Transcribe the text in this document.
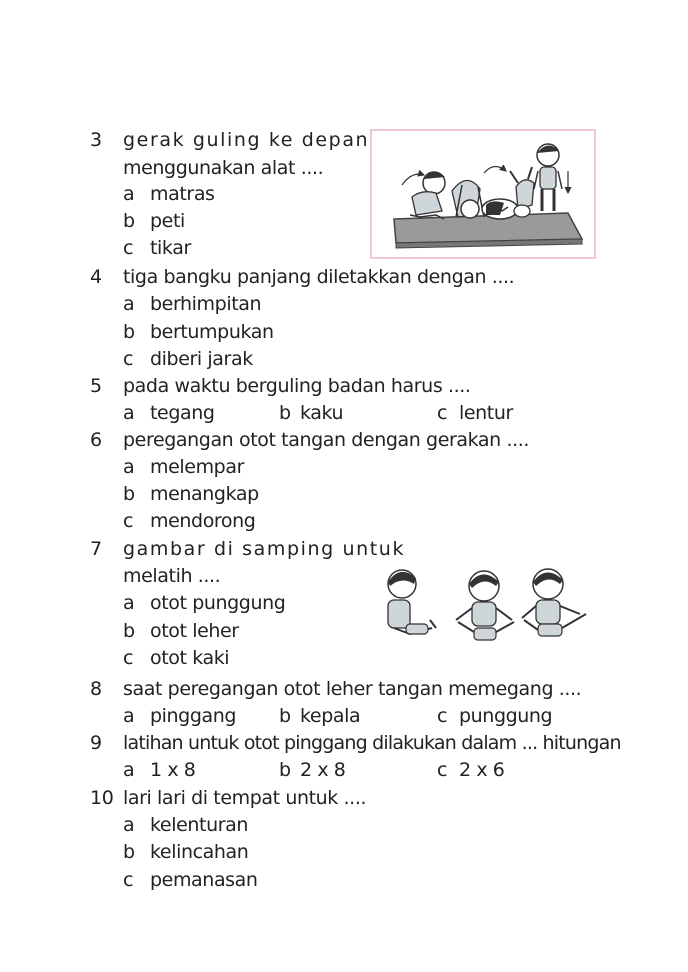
3 gerak guling ke depan
menggunakan alat ....
a matras
b peti
c tikar
4 tiga bangku panjang diletakkan dengan ....
a berhimpitan
b bertumpukan
c diberi jarak
5 pada waktu berguling badan harus ....
a tegang	b kaku	c lentur
6 peregangan otot tangan dengan gerakan ....
a melempar
b menangkap
c mendorong
7 gambar di samping untuk
melatih ....
a otot punggung
b otot leher
c otot kaki
8 saat peregangan otot leher tangan memegang ....
a pinggang b kepala	c punggung
9 latihan untuk otot pinggang dilakukan dalam ... hitungan
a 1 x 8	b 2 x 8	c 2 x 6
10 lari lari di tempat untuk ....
a kelenturan
b kelincahan
c pemanasan
